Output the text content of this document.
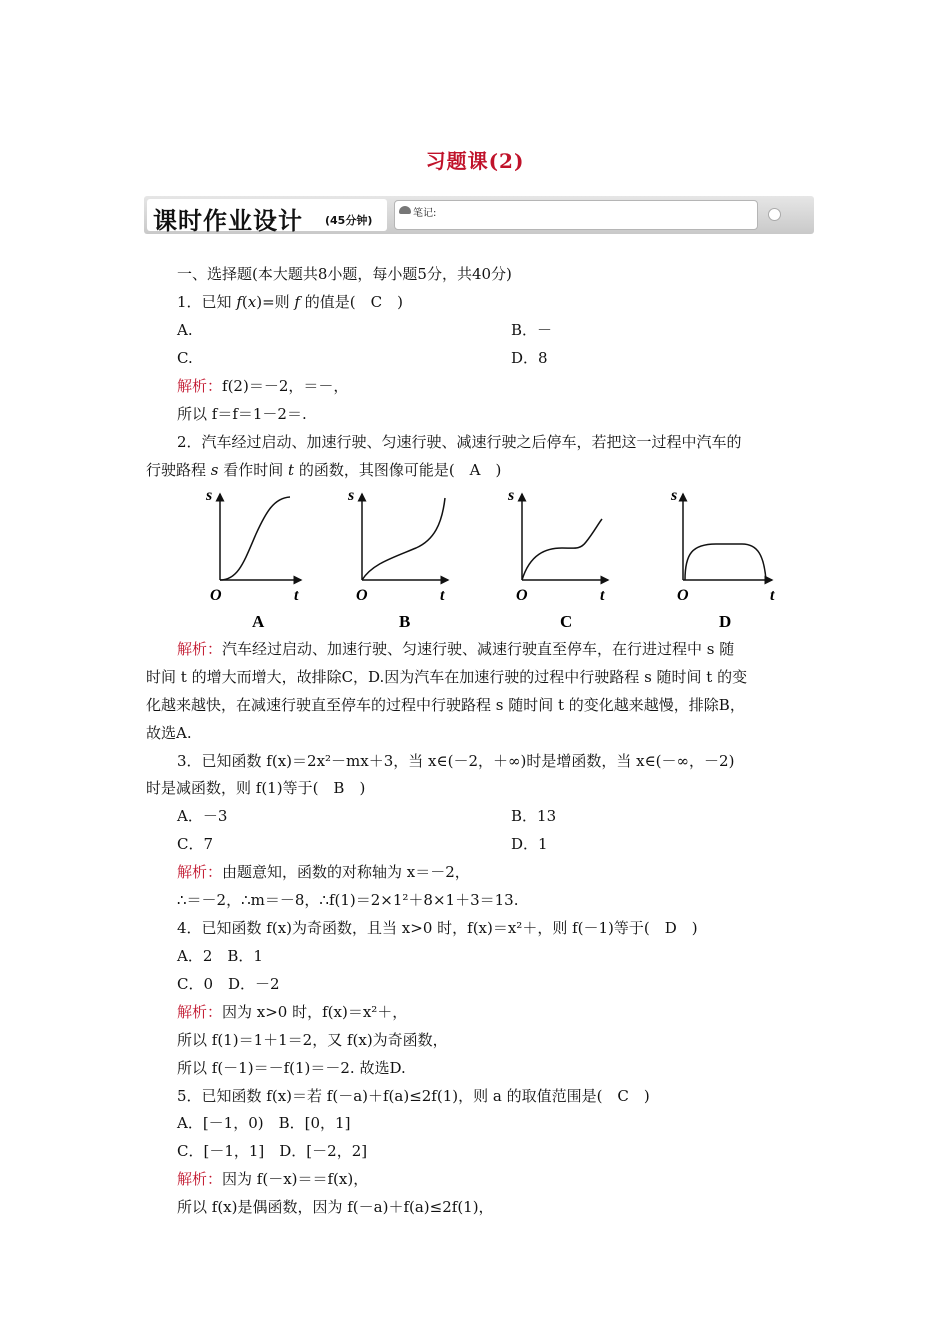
习题课(2)
课时作业设计 (45分钟)
笔记:
一、选择题(本大题共8小题，每小题5分，共40分)
1．已知 f(x)=则 f 的值是(　C　)
A.	B．－
C.	D．8
解析：f(2)＝－2，＝－，
所以 f＝f＝1－2＝.
2．汽车经过启动、加速行驶、匀速行驶、减速行驶之后停车，若把这一过程中汽车的
行驶路程 s 看作时间 t 的函数，其图像可能是(　A　)
s
t
O
A
s
t
O
B
s
t
O
C
s
t
O
D
解析：汽车经过启动、加速行驶、匀速行驶、减速行驶直至停车，在行进过程中 s 随
时间 t 的增大而增大，故排除C，D.因为汽车在加速行驶的过程中行驶路程 s 随时间 t 的变
化越来越快，在减速行驶直至停车的过程中行驶路程 s 随时间 t 的变化越来越慢，排除B，
故选A.
3．已知函数 f(x)＝2x²－mx＋3，当 x∈(－2，＋∞)时是增函数，当 x∈(－∞，－2)
时是减函数，则 f(1)等于(　B　)
A．－3	B．13
C．7	D．1
解析：由题意知，函数的对称轴为 x＝－2，
∴＝－2，∴m＝－8，∴f(1)＝2×1²＋8×1＋3＝13.
4．已知函数 f(x)为奇函数，且当 x>0 时，f(x)＝x²＋，则 f(－1)等于(　D　)
A．2　B．1
C．0　D．－2
解析：因为 x>0 时，f(x)＝x²＋，
所以 f(1)＝1＋1＝2，又 f(x)为奇函数，
所以 f(－1)＝－f(1)＝－2. 故选D.
5．已知函数 f(x)＝若 f(－a)＋f(a)≤2f(1)，则 a 的取值范围是(　C　)
A．[－1，0)　B．[0，1]
C．[－1，1]　D．[－2，2]
解析：因为 f(－x)＝＝f(x)，
所以 f(x)是偶函数，因为 f(－a)＋f(a)≤2f(1)，
